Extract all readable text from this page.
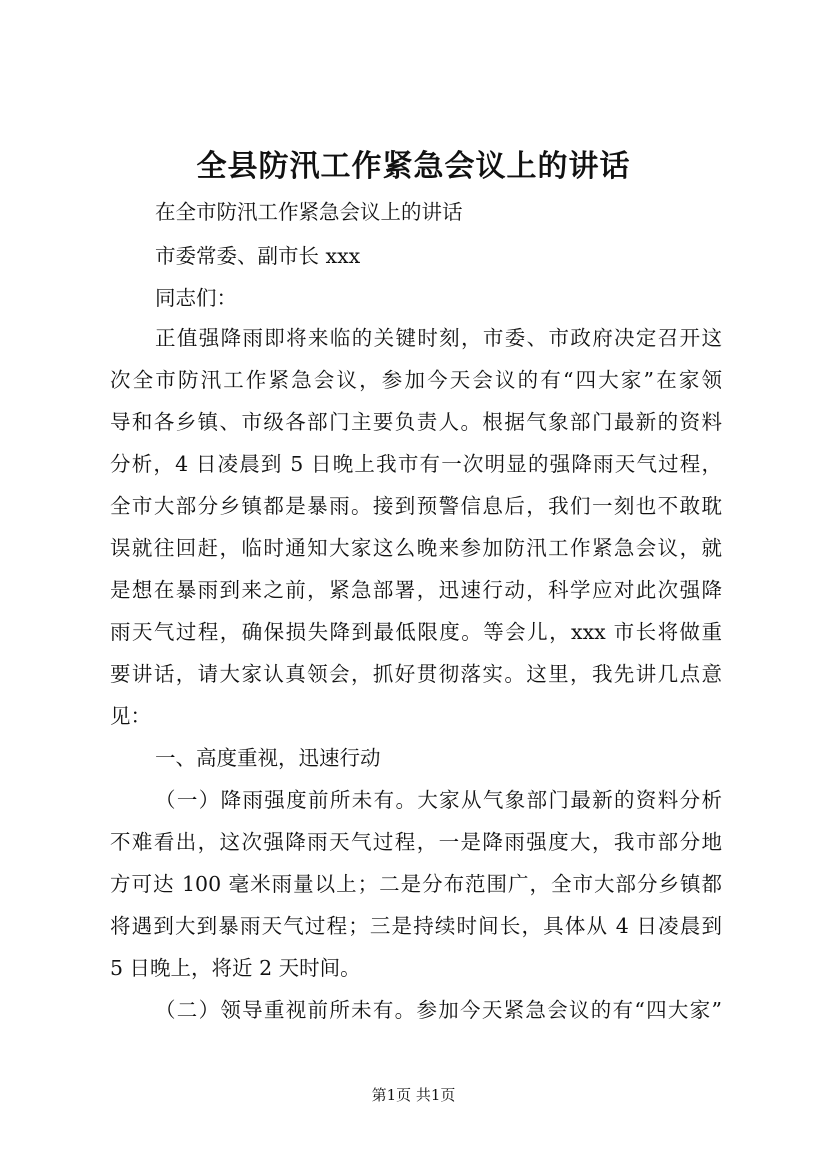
全县防汛工作紧急会议上的讲话

在全市防汛工作紧急会议上的讲话

市委常委、副市长 xxx

同志们：

正值强降雨即将来临的关键时刻，市委、市政府决定召开这

次全市防汛工作紧急会议，参加今天会议的有“四大家”在家领

导和各乡镇、市级各部门主要负责人。根据气象部门最新的资料

分析，4 日凌晨到 5 日晚上我市有一次明显的强降雨天气过程，

全市大部分乡镇都是暴雨。接到预警信息后，我们一刻也不敢耽

误就往回赶，临时通知大家这么晚来参加防汛工作紧急会议，就

是想在暴雨到来之前，紧急部署，迅速行动，科学应对此次强降

雨天气过程，确保损失降到最低限度。等会儿，xxx 市长将做重

要讲话，请大家认真领会，抓好贯彻落实。这里，我先讲几点意

见：

一、高度重视，迅速行动

（一）降雨强度前所未有。大家从气象部门最新的资料分析

不难看出，这次强降雨天气过程，一是降雨强度大，我市部分地

方可达 100 毫米雨量以上；二是分布范围广，全市大部分乡镇都

将遇到大到暴雨天气过程；三是持续时间长，具体从 4 日凌晨到

5 日晚上，将近 2 天时间。

（二）领导重视前所未有。参加今天紧急会议的有“四大家”

第1页 共1页
